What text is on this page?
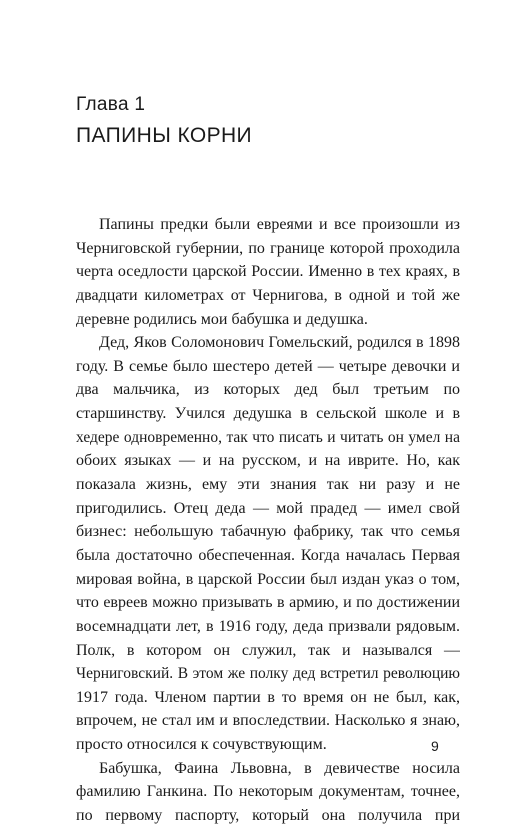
Глава 1
ПАПИНЫ КОРНИ
Папины предки были евреями и все произошли из
Черниговской губернии, по границе которой проходила
черта оседлости царской России. Именно в тех краях, в
двадцати километрах от Чернигова, в одной и той же
деревне родились мои бабушка и дедушка.
Дед, Яков Соломонович Гомельский, родился в 1898
году. В семье было шестеро детей — четыре девочки и
два мальчика, из которых дед был третьим по
старшинству. Учился дедушка в сельской школе и в
хедере одновременно, так что писать и читать он умел на
обоих языках — и на русском, и на иврите. Но, как
показала жизнь, ему эти знания так ни разу и не
пригодились. Отец деда — мой прадед — имел свой
бизнес: небольшую табачную фабрику, так что семья
была достаточно обеспеченная. Когда началась Первая
мировая война, в царской России был издан указ о том,
что евреев можно призывать в армию, и по достижении
восемнадцати лет, в 1916 году, деда призвали рядовым.
Полк, в котором он служил, так и назывался —
Черниговский. В этом же полку дед встретил революцию
1917 года. Членом партии в то время он не был, как,
впрочем, не стал им и впоследствии. Насколько я знаю,
просто относился к сочувствующим.
Бабушка, Фаина Львовна, в девичестве носила
фамилию Ганкина. По некоторым документам, точнее,
по первому паспорту, который она получила при
9
